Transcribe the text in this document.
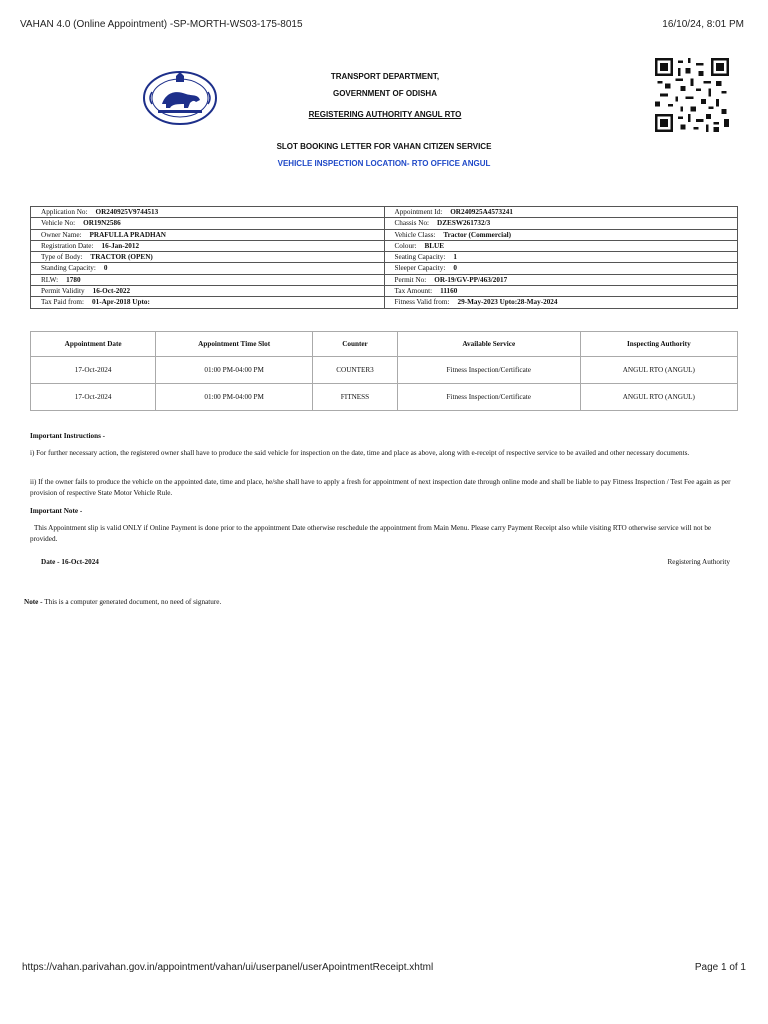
VAHAN 4.0 (Online Appointment) -SP-MORTH-WS03-175-8015	16/10/24, 8:01 PM
TRANSPORT DEPARTMENT,
GOVERNMENT OF ODISHA
REGISTERING AUTHORITY ANGUL RTO
SLOT BOOKING LETTER FOR VAHAN CITIZEN SERVICE
VEHICLE INSPECTION LOCATION- RTO OFFICE ANGUL
Application No: OR240925V9744513	Appointment Id: OR240925A4573241
Vehicle No: OR19N2586	Chassis No: DZESW261732/3
Owner Name: PRAFULLA PRADHAN	Vehicle Class: Tractor (Commercial)
Registration Date: 16-Jan-2012	Colour: BLUE
Type of Body: TRACTOR (OPEN)	Seating Capacity: 1
Standing Capacity: 0	Sleeper Capacity: 0
RLW: 1780	Permit No: OR-19/GV-PP/463/2017
Permit Validity 16-Oct-2022	Tax Amount: 11160
Tax Paid from: 01-Apr-2018 Upto:	Fitness Valid from: 29-May-2023 Upto:28-May-2024
Appointment Date	Appointment Time Slot	Counter	Available Service	Inspecting Authority
17-Oct-2024	01:00 PM-04:00 PM	COUNTER3	Fitness Inspection/Certificate	ANGUL RTO (ANGUL)
17-Oct-2024	01:00 PM-04:00 PM	FITNESS	Fitness Inspection/Certificate	ANGUL RTO (ANGUL)
Important Instructions -
i) For further necessary action, the registered owner shall have to produce the said vehicle for inspection on the date, time and place as above, along with e-receipt of respective service to be availed and other necessary documents.
ii) If the owner fails to produce the vehicle on the appointed date, time and place, he/she shall have to apply a fresh for appointment of next inspection date through online mode and shall be liable to pay Fitness Inspection / Test Fee again as per provision of respective State Motor Vehicle Rule.
Important Note -
This Appointment slip is valid ONLY if Online Payment is done prior to the appointment Date otherwise reschedule the appointment from Main Menu. Please carry Payment Receipt also while visiting RTO otherwise service will not be provided.
Date - 16-Oct-2024	Registering Authority
Note - This is a computer generated document, no need of signature.
https://vahan.parivahan.gov.in/appointment/vahan/ui/userpanel/userApointmentReceipt.xhtml	Page 1 of 1
